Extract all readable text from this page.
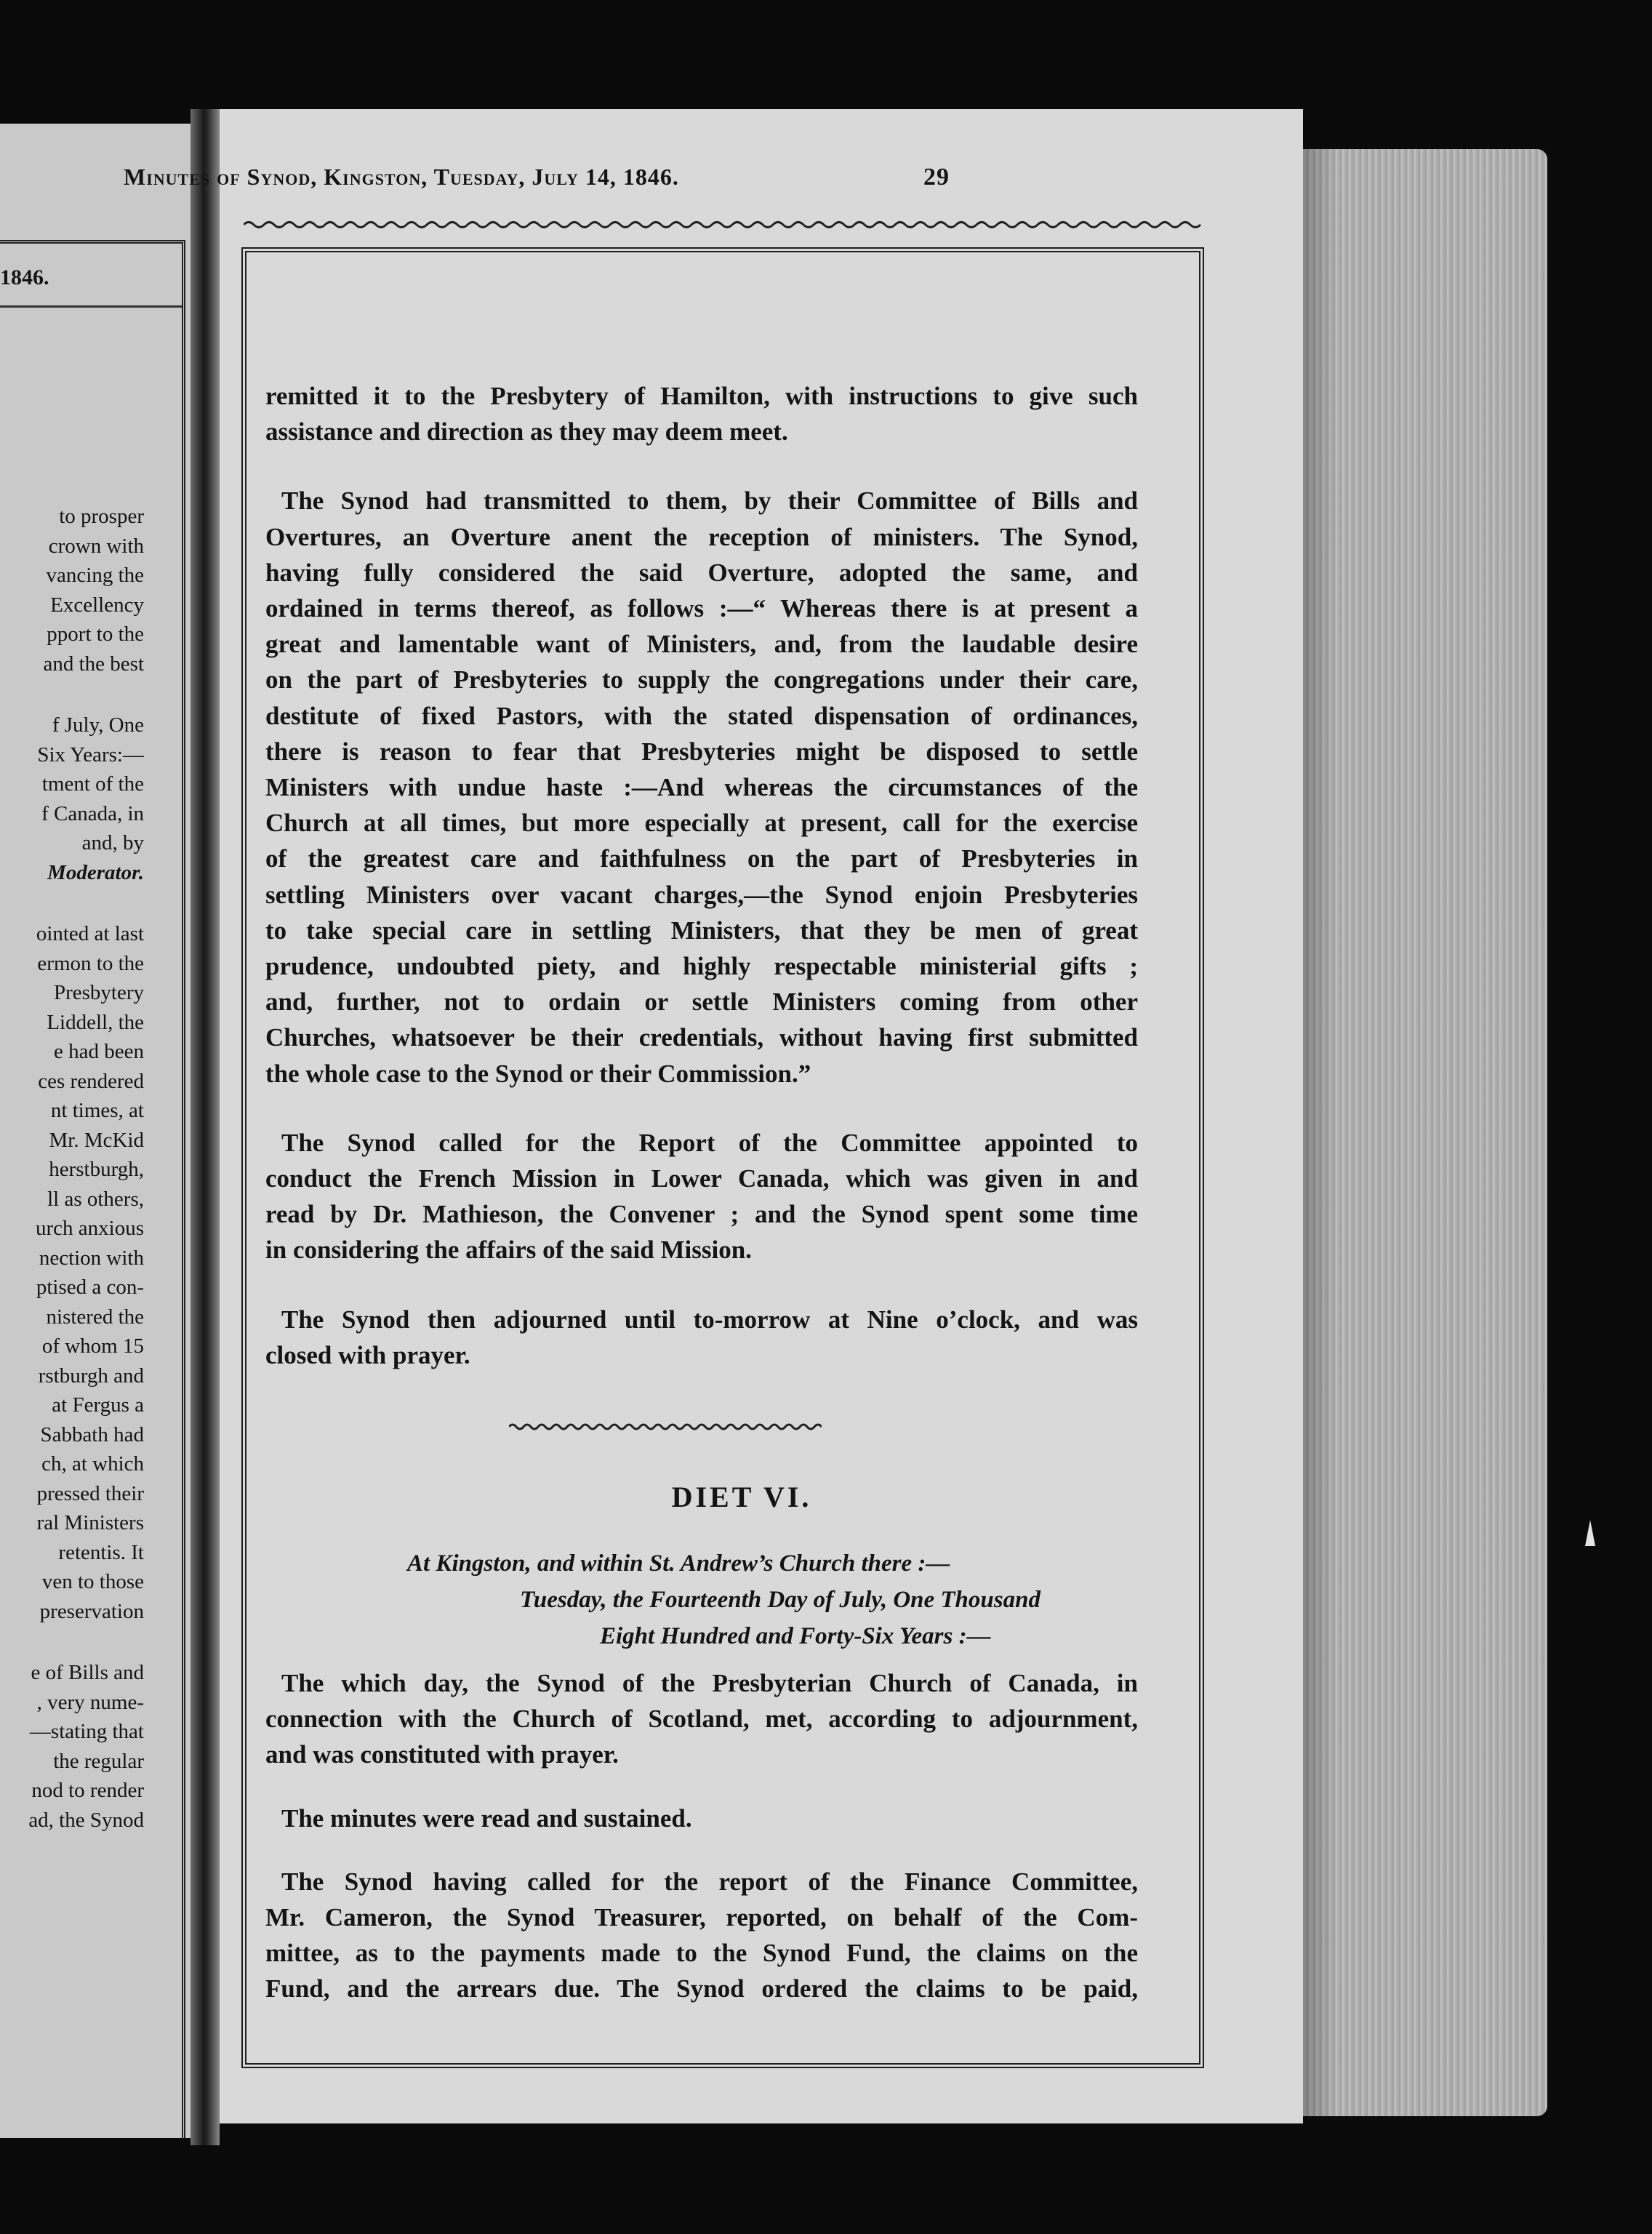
1846.
to prosper
crown with
vancing the
Excellency
pport to the
and the best
f July, One
Six Years:—
tment of the
f Canada, in
and, by
Moderator.
ointed at last
ermon to the
Presbytery
Liddell, the
e had been
ces rendered
nt times, at
Mr. McKid
herstburgh,
ll as others,
urch anxious
nection with
ptised a con-
nistered the
of whom 15
rstburgh and
at Fergus a
Sabbath had
ch, at which
pressed their
ral Ministers
retentis. It
ven to those
preservation
e of Bills and
, very nume-
—stating that
the regular
nod to render
ad, the Synod
Minutes of Synod, Kingston, Tuesday, July 14, 1846.	29
remitted it to the Presbytery of Hamilton, with instructions to give such
assistance and direction as they may deem meet.
The Synod had transmitted to them, by their Committee of Bills and
Overtures, an Overture anent the reception of ministers. The Synod,
having fully considered the said Overture, adopted the same, and
ordained in terms thereof, as follows :—“ Whereas there is at present a
great and lamentable want of Ministers, and, from the laudable desire
on the part of Presbyteries to supply the congregations under their care,
destitute of fixed Pastors, with the stated dispensation of ordinances,
there is reason to fear that Presbyteries might be disposed to settle
Ministers with undue haste :—And whereas the circumstances of the
Church at all times, but more especially at present, call for the exercise
of the greatest care and faithfulness on the part of Presbyteries in
settling Ministers over vacant charges,—the Synod enjoin Presbyteries
to take special care in settling Ministers, that they be men of great
prudence, undoubted piety, and highly respectable ministerial gifts ;
and, further, not to ordain or settle Ministers coming from other
Churches, whatsoever be their credentials, without having first submitted
the whole case to the Synod or their Commission.”
The Synod called for the Report of the Committee appointed to
conduct the French Mission in Lower Canada, which was given in and
read by Dr. Mathieson, the Convener ; and the Synod spent some time
in considering the affairs of the said Mission.
The Synod then adjourned until to-morrow at Nine o’clock, and was
closed with prayer.
DIET VI.
At Kingston, and within St. Andrew’s Church there :—
Tuesday, the Fourteenth Day of July, One Thousand
Eight Hundred and Forty-Six Years :—
The which day, the Synod of the Presbyterian Church of Canada, in
connection with the Church of Scotland, met, according to adjournment,
and was constituted with prayer.
The minutes were read and sustained.
The Synod having called for the report of the Finance Committee,
Mr. Cameron, the Synod Treasurer, reported, on behalf of the Com-
mittee, as to the payments made to the Synod Fund, the claims on the
Fund, and the arrears due. The Synod ordered the claims to be paid,
